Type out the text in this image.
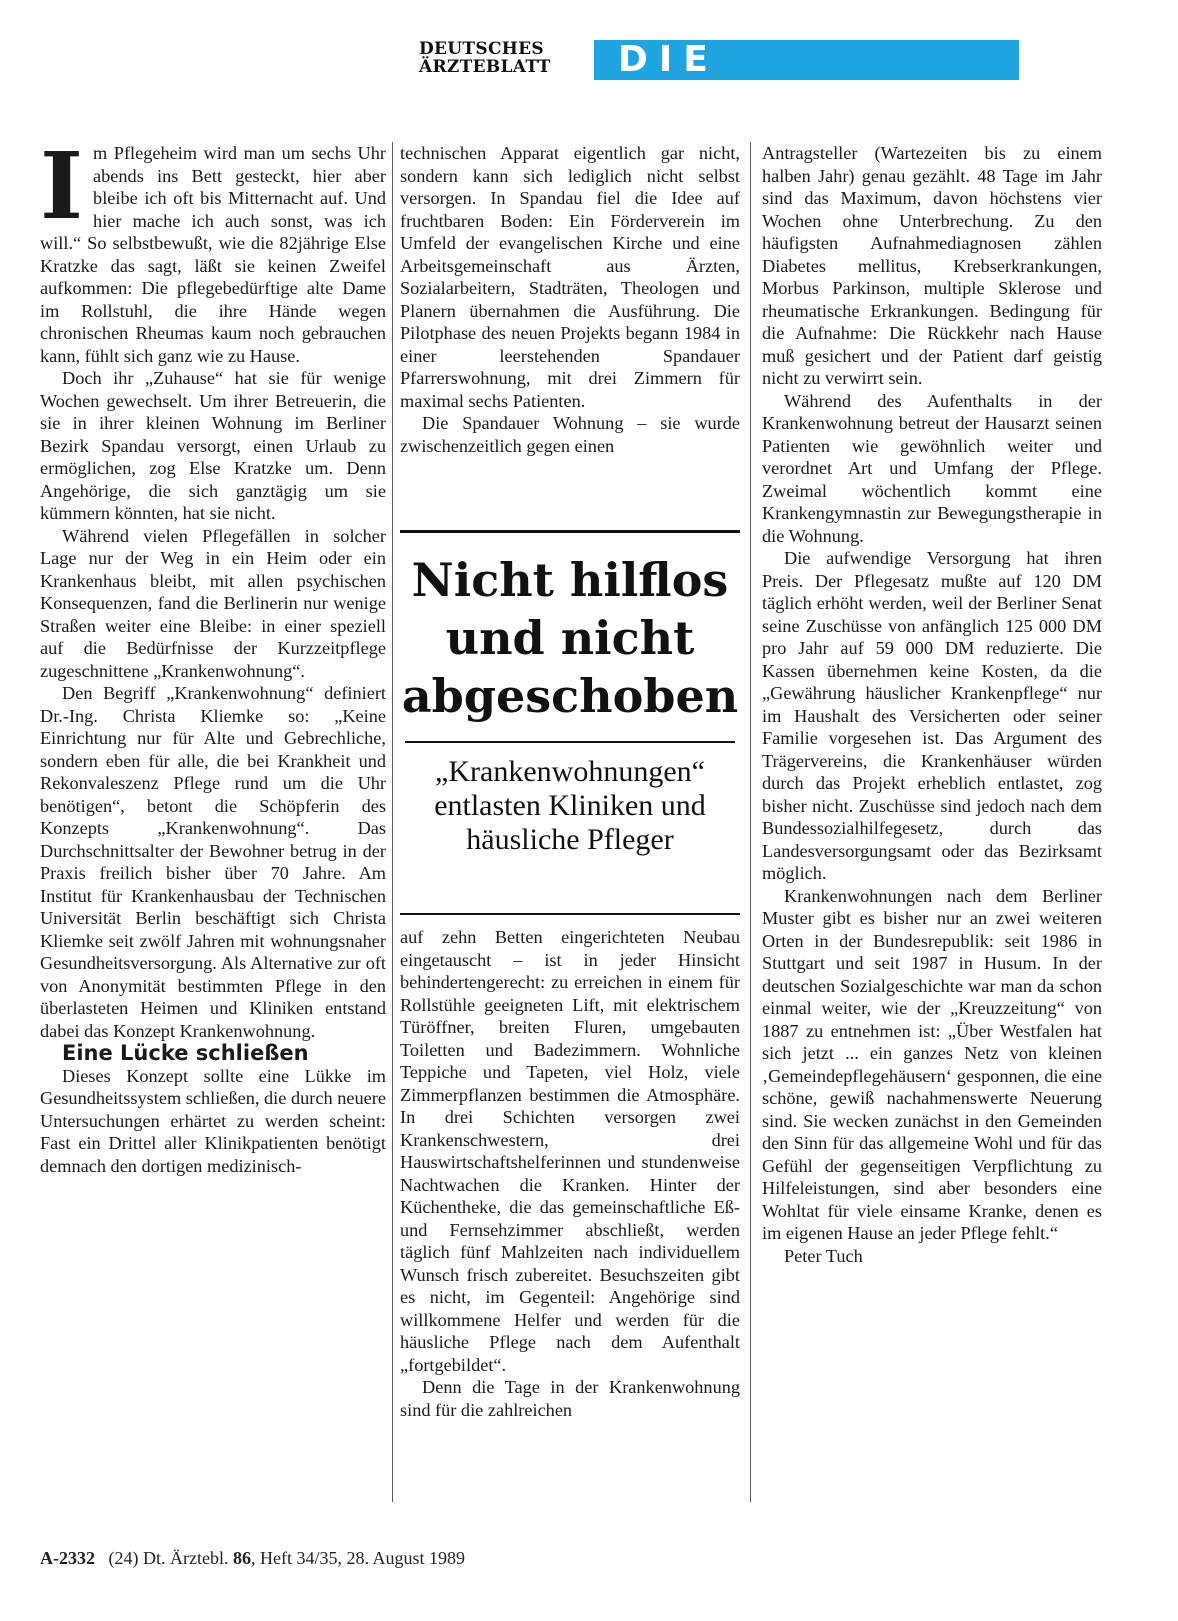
DEUTSCHES
ÄRZTEBLATT	DIE REPORTAGE
I m Pflegeheim wird man um sechs Uhr abends ins Bett gesteckt, hier aber bleibe ich oft bis Mitternacht auf. Und hier mache ich auch sonst, was ich will.“ So selbstbewußt, wie die 82jährige Else Kratzke das sagt, läßt sie keinen Zweifel aufkommen: Die pflegebedürftige alte Dame im Rollstuhl, die ihre Hände wegen chronischen Rheumas kaum noch gebrauchen kann, fühlt sich ganz wie zu Hause.

Doch ihr „Zuhause“ hat sie für wenige Wochen gewechselt. Um ihrer Betreuerin, die sie in ihrer kleinen Wohnung im Berliner Bezirk Spandau versorgt, einen Urlaub zu ermöglichen, zog Else Kratzke um. Denn Angehörige, die sich ganztägig um sie kümmern könnten, hat sie nicht.

Während vielen Pflegefällen in solcher Lage nur der Weg in ein Heim oder ein Krankenhaus bleibt, mit allen psychischen Konsequenzen, fand die Berlinerin nur wenige Straßen weiter eine Bleibe: in einer speziell auf die Bedürfnisse der Kurzzeitpflege zugeschnittene „Krankenwohnung“.

Den Begriff „Krankenwohnung“ definiert Dr.-Ing. Christa Kliemke so: „Keine Einrichtung nur für Alte und Gebrechliche, sondern eben für alle, die bei Krankheit und Rekonvaleszenz Pflege rund um die Uhr benötigen“, betont die Schöpferin des Konzepts „Krankenwohnung“. Das Durchschnittsalter der Bewohner betrug in der Praxis freilich bisher über 70 Jahre. Am Institut für Krankenhausbau der Technischen Universität Berlin beschäftigt sich Christa Kliemke seit zwölf Jahren mit wohnungsnaher Gesundheitsversorgung. Als Alternative zur oft von Anonymität bestimmten Pflege in den überlasteten Heimen und Kliniken entstand dabei das Konzept Krankenwohnung.

Eine Lücke schließen

Dieses Konzept sollte eine Lükke im Gesundheitssystem schließen, die durch neuere Untersuchungen erhärtet zu werden scheint: Fast ein Drittel aller Klinikpatienten benötigt demnach den dortigen medizinisch-

technischen Apparat eigentlich gar nicht, sondern kann sich lediglich nicht selbst versorgen. In Spandau fiel die Idee auf fruchtbaren Boden: Ein Förderverein im Umfeld der evangelischen Kirche und eine Arbeitsgemeinschaft aus Ärzten, Sozialarbeitern, Stadträten, Theologen und Planern übernahmen die Ausführung. Die Pilotphase des neuen Projekts begann 1984 in einer leerstehenden Spandauer Pfarrerswohnung, mit drei Zimmern für maximal sechs Patienten.

Die Spandauer Wohnung – sie wurde zwischenzeitlich gegen einen

Nicht hilflos und nicht abgeschoben

„Krankenwohnungen“ entlasten Kliniken und häusliche Pfleger

auf zehn Betten eingerichteten Neubau eingetauscht – ist in jeder Hinsicht behindertengerecht: zu erreichen in einem für Rollstühle geeigneten Lift, mit elektrischem Türöffner, breiten Fluren, umgebauten Toiletten und Badezimmern. Wohnliche Teppiche und Tapeten, viel Holz, viele Zimmerpflanzen bestimmen die Atmosphäre. In drei Schichten versorgen zwei Krankenschwestern, drei Hauswirtschaftshelferinnen und stundenweise Nachtwachen die Kranken. Hinter der Küchentheke, die das gemeinschaftliche Eß- und Fernsehzimmer abschließt, werden täglich fünf Mahlzeiten nach individuellem Wunsch frisch zubereitet. Besuchszeiten gibt es nicht, im Gegenteil: Angehörige sind willkommene Helfer und werden für die häusliche Pflege nach dem Aufenthalt „fortgebildet“.

Denn die Tage in der Krankenwohnung sind für die zahlreichen

Antragsteller (Wartezeiten bis zu einem halben Jahr) genau gezählt. 48 Tage im Jahr sind das Maximum, davon höchstens vier Wochen ohne Unterbrechung. Zu den häufigsten Aufnahmediagnosen zählen Diabetes mellitus, Krebserkrankungen, Morbus Parkinson, multiple Sklerose und rheumatische Erkrankungen. Bedingung für die Aufnahme: Die Rückkehr nach Hause muß gesichert und der Patient darf geistig nicht zu verwirrt sein.

Während des Aufenthalts in der Krankenwohnung betreut der Hausarzt seinen Patienten wie gewöhnlich weiter und verordnet Art und Umfang der Pflege. Zweimal wöchentlich kommt eine Krankengymnastin zur Bewegungstherapie in die Wohnung.

Die aufwendige Versorgung hat ihren Preis. Der Pflegesatz mußte auf 120 DM täglich erhöht werden, weil der Berliner Senat seine Zuschüsse von anfänglich 125 000 DM pro Jahr auf 59 000 DM reduzierte. Die Kassen übernehmen keine Kosten, da die „Gewährung häuslicher Krankenpflege“ nur im Haushalt des Versicherten oder seiner Familie vorgesehen ist. Das Argument des Trägervereins, die Krankenhäuser würden durch das Projekt erheblich entlastet, zog bisher nicht. Zuschüsse sind jedoch nach dem Bundessozialhilfegesetz, durch das Landesversorgungsamt oder das Bezirksamt möglich.

Krankenwohnungen nach dem Berliner Muster gibt es bisher nur an zwei weiteren Orten in der Bundesrepublik: seit 1986 in Stuttgart und seit 1987 in Husum. In der deutschen Sozialgeschichte war man da schon einmal weiter, wie der „Kreuzzeitung“ von 1887 zu entnehmen ist: „Über Westfalen hat sich jetzt ... ein ganzes Netz von kleinen ‚Gemeindepflegehäusern‘ gesponnen, die eine schöne, gewiß nachahmenswerte Neuerung sind. Sie wecken zunächst in den Gemeinden den Sinn für das allgemeine Wohl und für das Gefühl der gegenseitigen Verpflichtung zu Hilfeleistungen, sind aber besonders eine Wohltat für viele einsame Kranke, denen es im eigenen Hause an jeder Pflege fehlt.“

Peter Tuch

A-2332 (24) Dt. Ärztebl. 86, Heft 34/35, 28. August 1989
